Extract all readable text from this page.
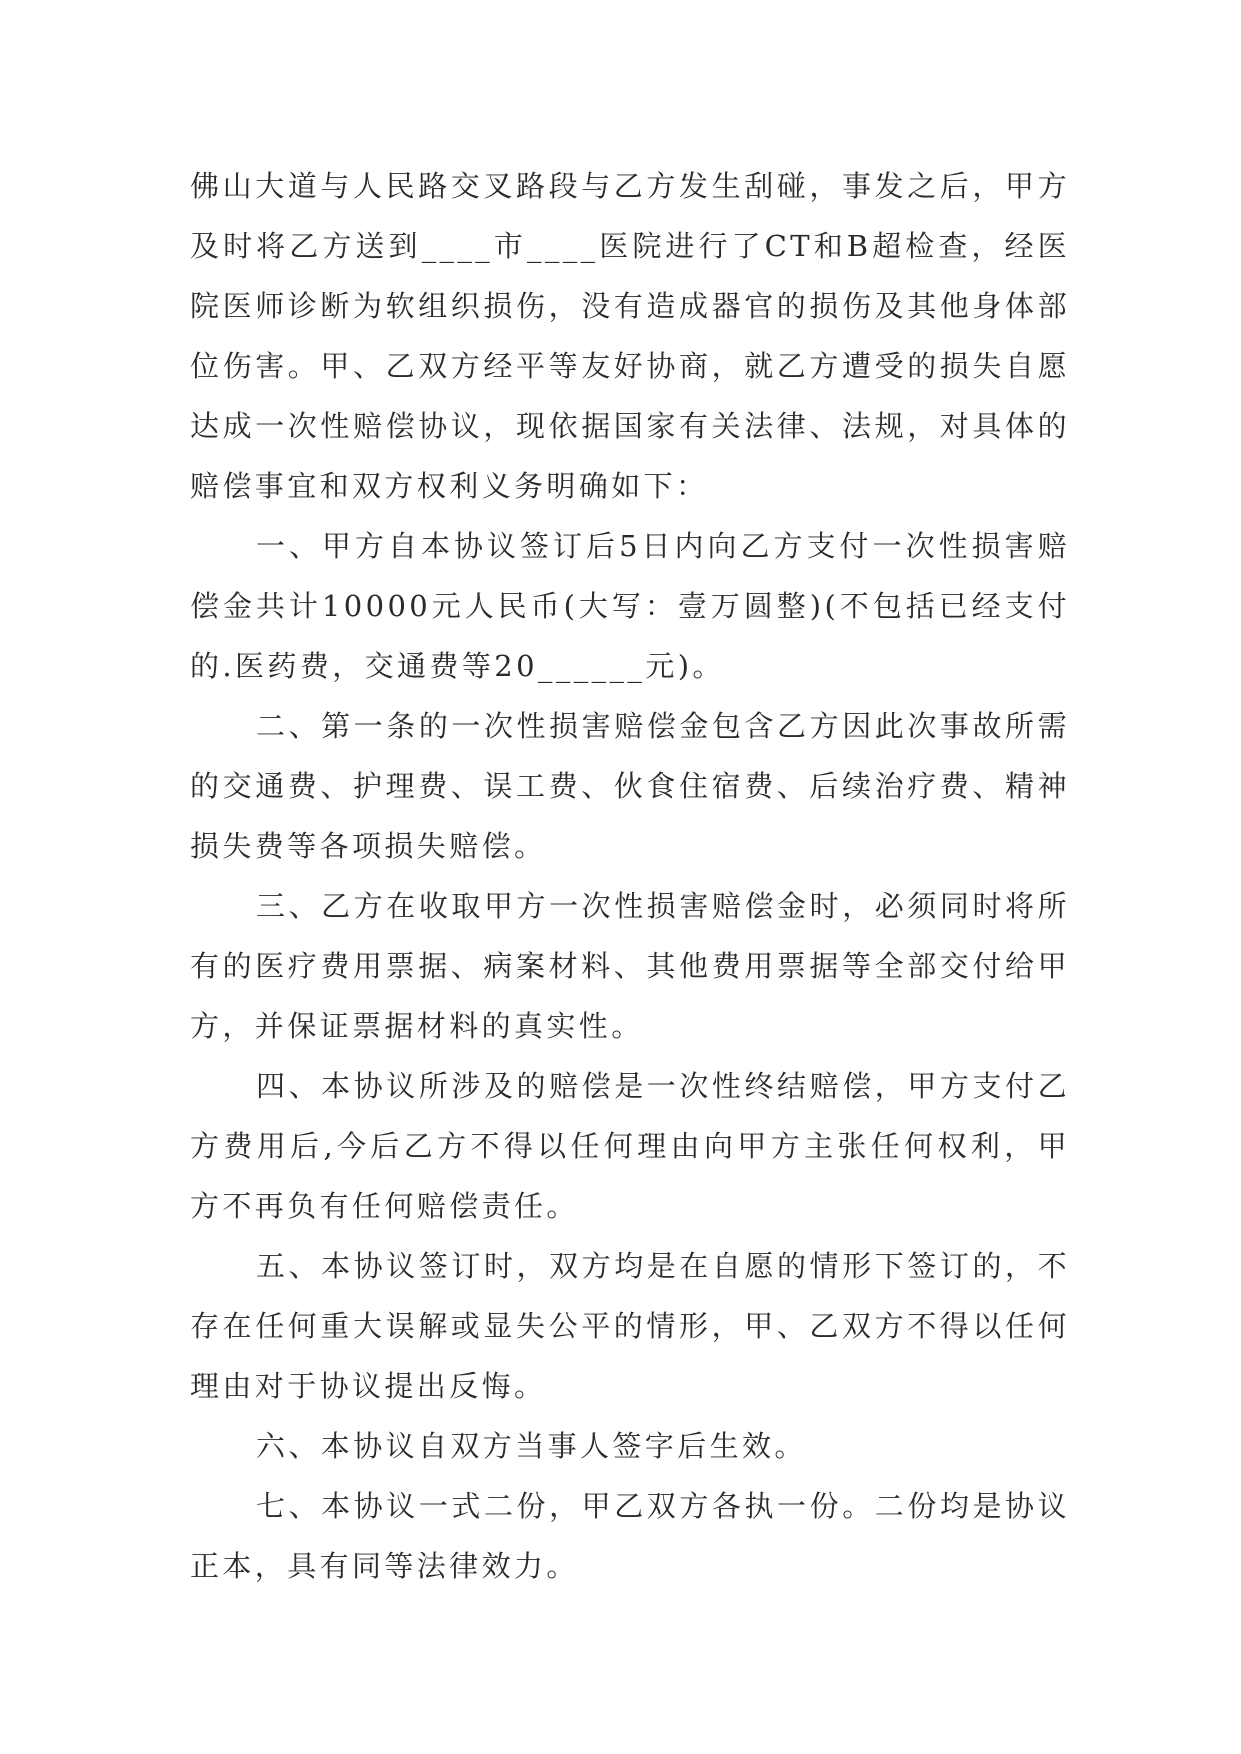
佛山大道与人民路交叉路段与乙方发生刮碰，事发之后，甲方及时将乙方送到____市____医院进行了CT和B超检查，经医院医师诊断为软组织损伤，没有造成器官的损伤及其他身体部位伤害。甲、乙双方经平等友好协商，就乙方遭受的损失自愿达成一次性赔偿协议，现依据国家有关法律、法规，对具体的赔偿事宜和双方权利义务明确如下：

一、甲方自本协议签订后5日内向乙方支付一次性损害赔偿金共计10000元人民币(大写：壹万圆整)(不包括已经支付的.医药费，交通费等20______元)。

二、第一条的一次性损害赔偿金包含乙方因此次事故所需的交通费、护理费、误工费、伙食住宿费、后续治疗费、精神损失费等各项损失赔偿。

三、乙方在收取甲方一次性损害赔偿金时，必须同时将所有的医疗费用票据、病案材料、其他费用票据等全部交付给甲方，并保证票据材料的真实性。

四、本协议所涉及的赔偿是一次性终结赔偿，甲方支付乙方费用后,今后乙方不得以任何理由向甲方主张任何权利，甲方不再负有任何赔偿责任。

五、本协议签订时，双方均是在自愿的情形下签订的，不存在任何重大误解或显失公平的情形，甲、乙双方不得以任何理由对于协议提出反悔。

六、本协议自双方当事人签字后生效。

七、本协议一式二份，甲乙双方各执一份。二份均是协议正本，具有同等法律效力。
